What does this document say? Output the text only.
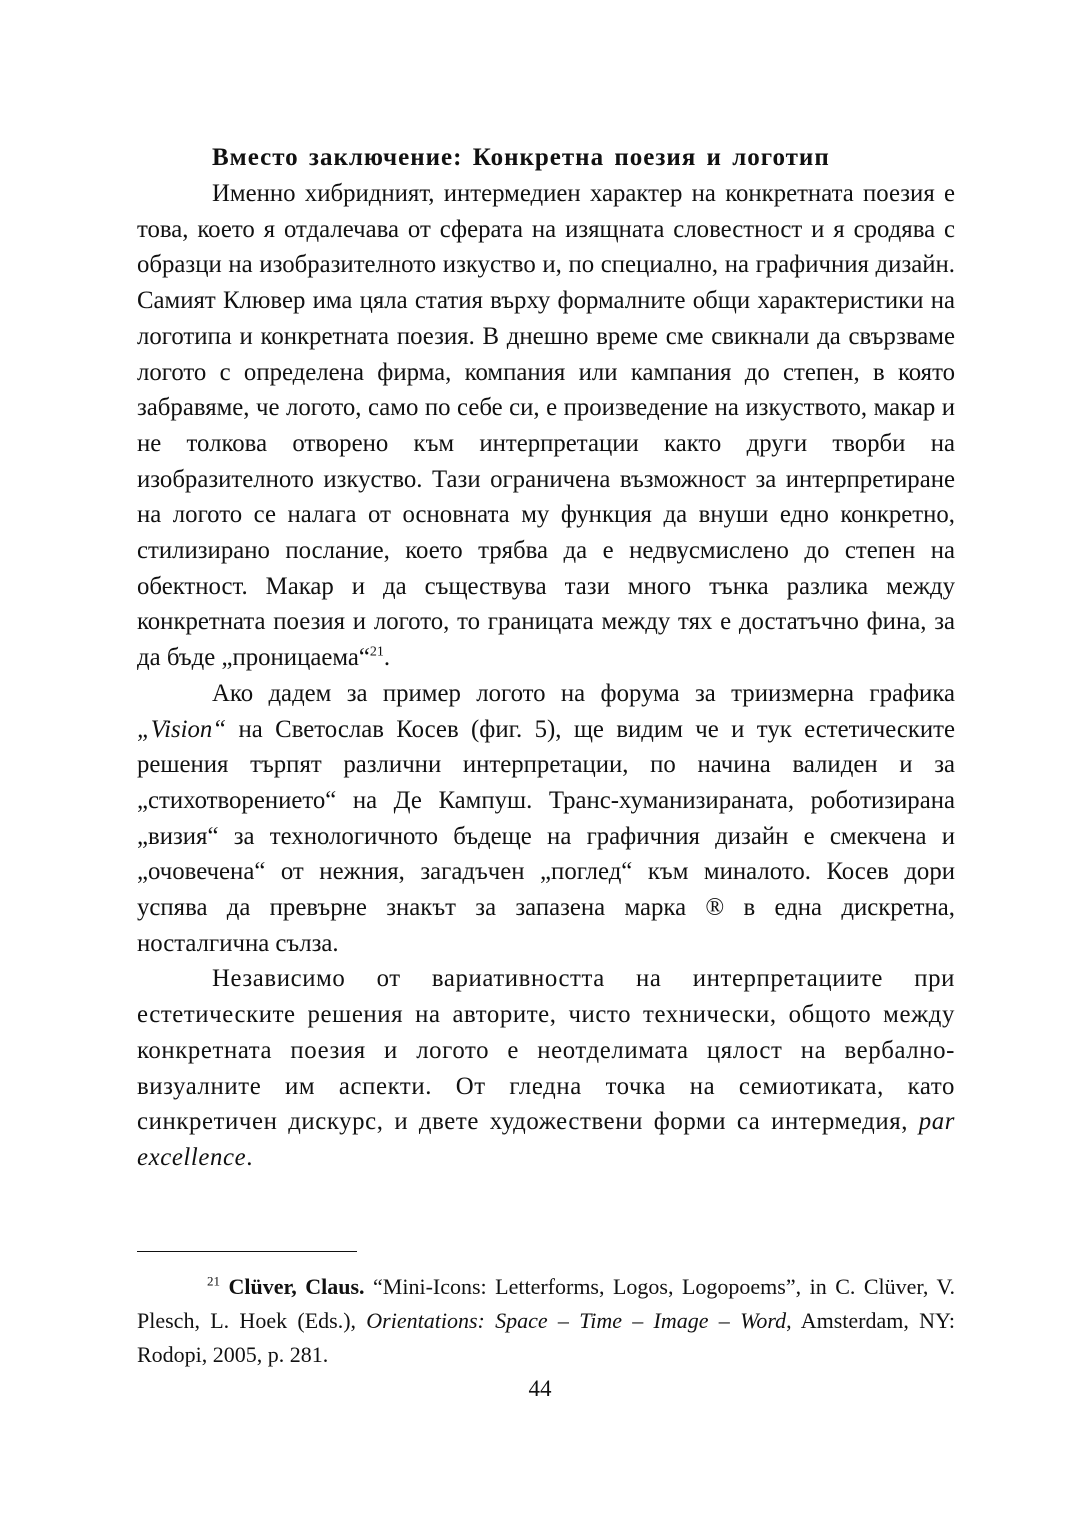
Вместо заключение: Конкретна поезия и логотип

Именно хибридният, интермедиен характер на конкретната поезия е това, което я отдалечава от сферата на изящната словестност и я сродява с образци на изобразителното изкуство и, по специално, на графичния дизайн. Самият Клювер има цяла статия върху формалните общи характеристики на логотипа и конкретната поезия. В днешно време сме свикнали да свързваме логото с определена фирма, компания или кампания до степен, в която забравяме, че логото, само по себе си, е произведение на изкуството, макар и не толкова отворено към интерпретации както други творби на изобразителното изкуство. Тази ограничена възможност за интерпретиране на логото се налага от основната му функция да внуши едно конкретно, стилизирано послание, което трябва да е недвусмислено до степен на обектност. Макар и да съществува тази много тънка разлика между конкретната поезия и логото, то границата между тях е достатъчно фина, за да бъде „проницаема“$^{21}$.

Ако дадем за пример логото на форума за триизмерна графика „Vision“ на Светослав Косев (фиг. 5), ще видим че и тук естетическите решения търпят различни интерпретации, по начина валиден и за „стихотворението“ на Де Кампуш. Транс-хуманизираната, роботизирана „визия“ за технологичното бъдеще на графичния дизайн е смекчена и „очовечена“ от нежния, загадъчен „поглед“ към миналото. Косев дори успява да превърне знакът за запазена марка ® в една дискретна, носталгична сълза.

Независимо от вариативността на интерпретациите при естетическите решения на авторите, чисто технически, общото между конкретната поезия и логото е неотделимата цялост на вербално-визуалните им аспекти. От гледна точка на семиотиката, като синкретичен дискурс, и двете художествени форми са интермедия, par excellence.

$^{21}$ Clüver, Claus. “Mini-Icons: Letterforms, Logos, Logopoems”, in C. Clüver, V. Plesch, L. Hoek (Eds.), Orientations: Space – Time – Image – Word, Amsterdam, NY: Rodopi, 2005, p. 281.

44
